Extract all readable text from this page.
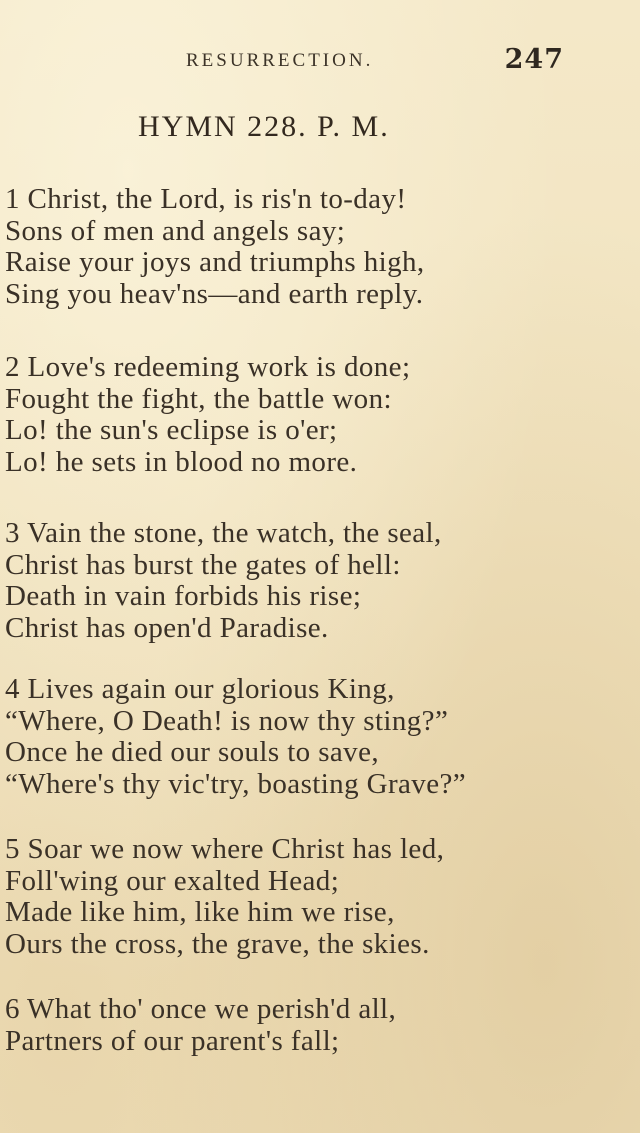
RESURRECTION.	247
HYMN 228. P. M.
1 Christ, the Lord, is ris'n to-day!
Sons of men and angels say;
Raise your joys and triumphs high,
Sing you heav'ns—and earth reply.
2 Love's redeeming work is done;
Fought the fight, the battle won:
Lo! the sun's eclipse is o'er;
Lo! he sets in blood no more.
3 Vain the stone, the watch, the seal,
Christ has burst the gates of hell:
Death in vain forbids his rise;
Christ has open'd Paradise.
4 Lives again our glorious King,
“Where, O Death! is now thy sting?”
Once he died our souls to save,
“Where's thy vic'try, boasting Grave?”
5 Soar we now where Christ has led,
Foll'wing our exalted Head;
Made like him, like him we rise,
Ours the cross, the grave, the skies.
6 What tho' once we perish'd all,
Partners of our parent's fall;
